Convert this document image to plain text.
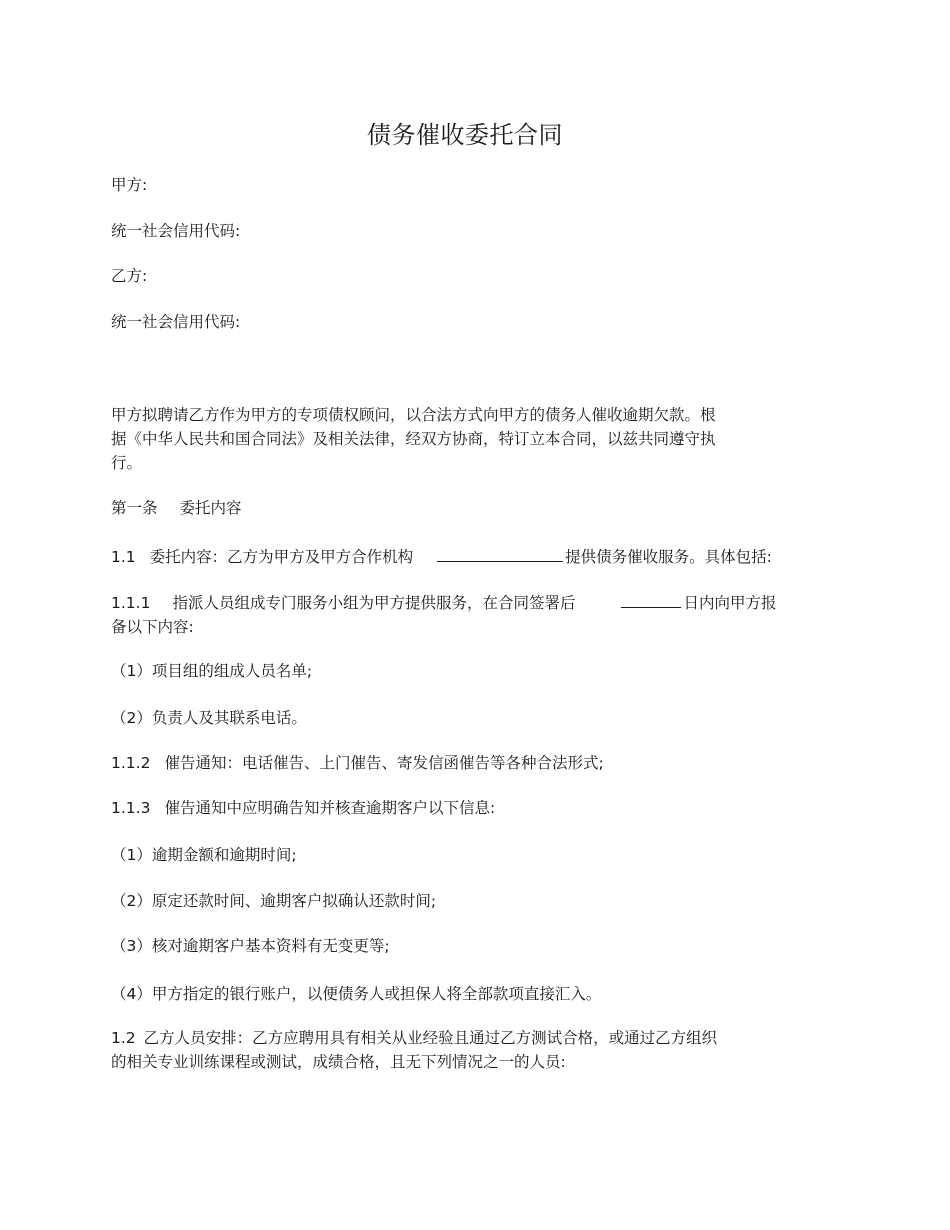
债务催收委托合同
甲方:
统一社会信用代码:
乙方:
统一社会信用代码:
甲方拟聘请乙方作为甲方的专项债权顾问，以合法方式向甲方的债务人催收逾期欠款。根
据《中华人民共和国合同法》及相关法律，经双方协商，特订立本合同，以兹共同遵守执
行。
第一条 委托内容
1.1 委托内容：乙方为甲方及甲方合作机构	提供债务催收服务。具体包括:
1.1.1 指派人员组成专门服务小组为甲方提供服务，在合同签署后	日内向甲方报
备以下内容:
（1）项目组的组成人员名单;
（2）负责人及其联系电话。
1.1.2 催告通知：电话催告、上门催告、寄发信函催告等各种合法形式;
1.1.3 催告通知中应明确告知并核查逾期客户以下信息:
（1）逾期金额和逾期时间;
（2）原定还款时间、逾期客户拟确认还款时间;
（3）核对逾期客户基本资料有无变更等;
（4）甲方指定的银行账户，以便债务人或担保人将全部款项直接汇入。
1.2 乙方人员安排：乙方应聘用具有相关从业经验且通过乙方测试合格，或通过乙方组织
的相关专业训练课程或测试，成绩合格，且无下列情况之一的人员:
